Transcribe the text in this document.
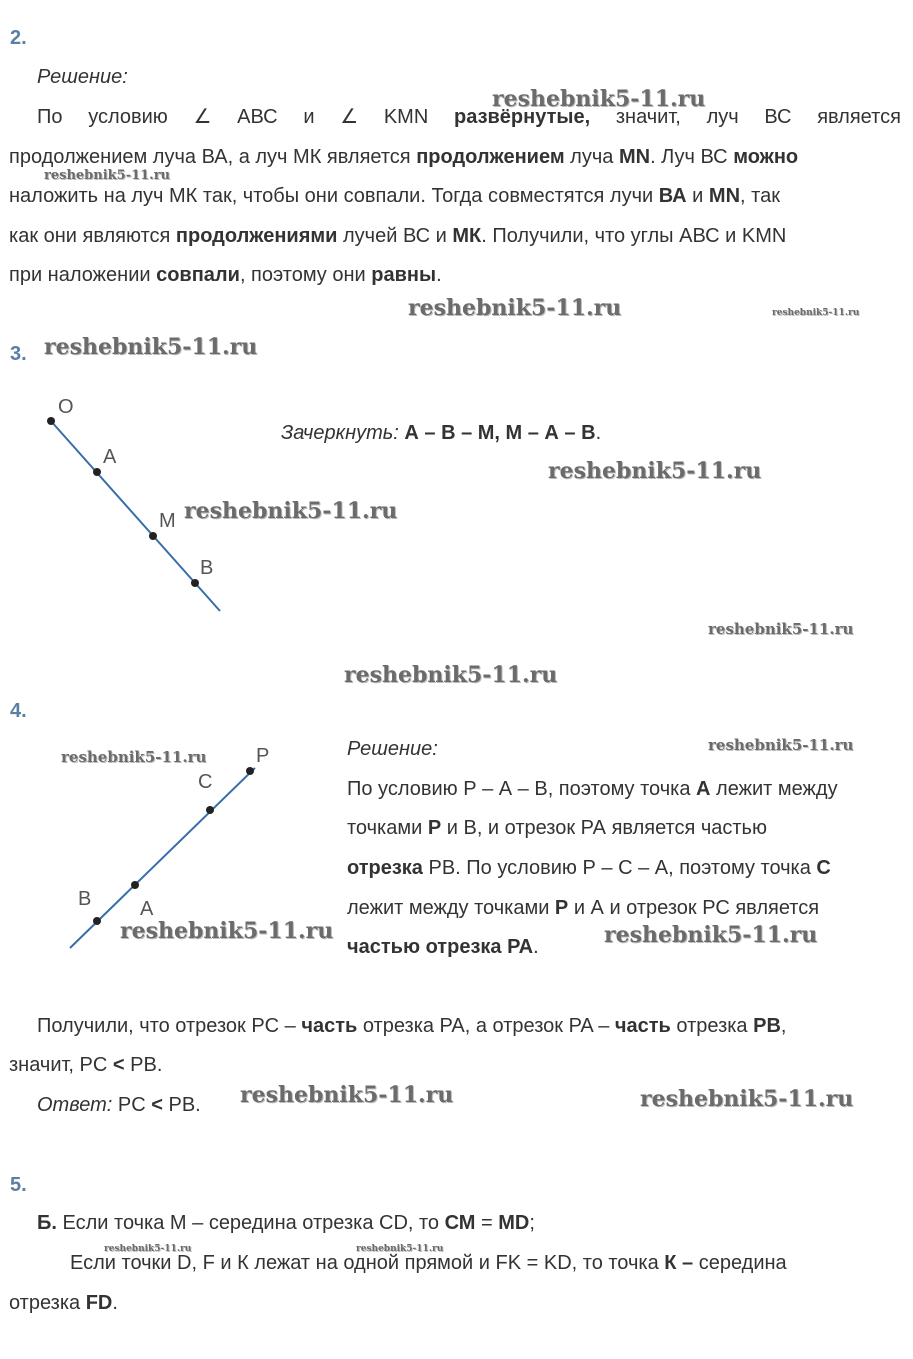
2.
Решение:
По условию ∠ АВС и ∠ KMN развёрнутые, значит, луч ВС является
продолжением луча ВА, а луч МК является продолжением луча MN. Луч ВС можно
наложить на луч МК так, чтобы они совпали. Тогда совместятся лучи ВА и MN, так
как они являются продолжениями лучей ВС и МК. Получили, что углы АВС и KMN
при наложении совпали, поэтому они равны.
3.
O
A
M
B
P
C
B A
Зачеркнуть: А – В – М, М – А – В.
4.
Решение:
По условию Р – А – В, поэтому точка А лежит между
точками Р и В, и отрезок РА является частью
отрезка РВ. По условию Р – С – А, поэтому точка С
лежит между точками Р и А и отрезок РС является
частью отрезка РА.
Получили, что отрезок PC – часть отрезка PA, а отрезок PA – часть отрезка PB,
значит, PC < PB.
Ответ: PC < PB.
5.
Б. Если точка М – середина отрезка CD, то СМ = MD;
Если точки D, F и К лежат на одной прямой и FK = KD, то точка К – середина
отрезка FD.
reshebnik5-11.ru
reshebnik5-11.ru
reshebnik5-11.ru	reshebnik5-11.ru
reshebnik5-11.ru
reshebnik5-11.ru
reshebnik5-11.ru
reshebnik5-11.ru
reshebnik5-11.ru
reshebnik5-11.ru
reshebnik5-11.ru
reshebnik5-11.ru	reshebnik5-11.ru
reshebnik5-11.ru	reshebnik5-11.ru
reshebnik5-11.ru	reshebnik5-11.ru
